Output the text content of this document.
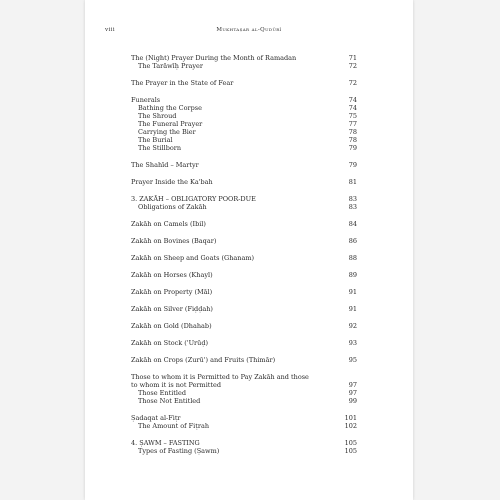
viii	Mukhtaṣar al-Qudūrī
The (Night) Prayer During the Month of Ramadan	71
The Tarāwīḥ Prayer	72
The Prayer in the State of Fear	72
Funerals	74
Bathing the Corpse	74
The Shroud	75
The Funeral Prayer	77
Carrying the Bier	78
The Burial	78
The Stillborn	79
The Shahīd – Martyr	79
Prayer Inside the Ka'bah	81
3. ZAKĀH – OBLIGATORY POOR-DUE	83
Obligations of Zakāh	83
Zakāh on Camels (Ibil)	84
Zakāh on Bovines (Baqar)	86
Zakāh on Sheep and Goats (Ghanam)	88
Zakāh on Horses (Khayl)	89
Zakāh on Property (Māl)	91
Zakāh on Silver (Fiḍḍah)	91
Zakāh on Gold (Dhahab)	92
Zakāh on Stock ('Urūḍ)	93
Zakāh on Crops (Zurū') and Fruits (Thimār)	95
Those to whom it is Permitted to Pay Zakāh and those
to whom it is not Permitted	97
Those Entitled	97
Those Not Entitled	99
Ṣadaqat al-Fiṭr	101
The Amount of Fiṭrah	102
4. ṢAWM – FASTING	105
Types of Fasting (Ṣawm)	105
